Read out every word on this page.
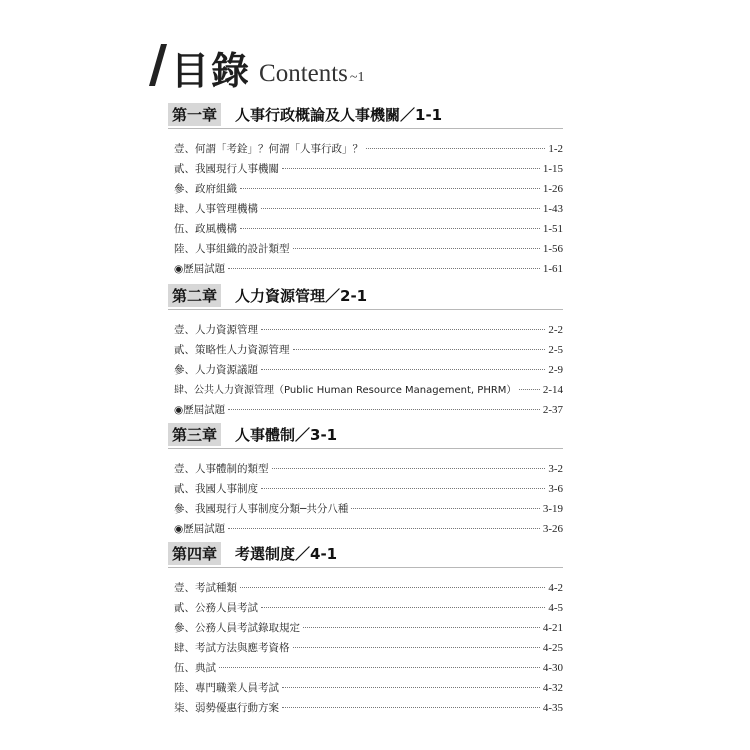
目錄 Contents ~1
第一章 人事行政概論及人事機關／1-1
壹、何謂「考銓」？何謂「人事行政」？	1-2
貳、我國現行人事機關	1-15
參、政府組織	1-26
肆、人事管理機構	1-43
伍、政風機構	1-51
陸、人事組織的設計類型	1-56
◉歷屆試題	1-61
第二章 人力資源管理／2-1
壹、人力資源管理	2-2
貳、策略性人力資源管理	2-5
參、人力資源議題	2-9
肆、公共人力資源管理（Public Human Resource Management, PHRM） 2-14
◉歷屆試題	2-37
第三章 人事體制／3-1
壹、人事體制的類型	3-2
貳、我國人事制度	3-6
參、我國現行人事制度分類─共分八種	3-19
◉歷屆試題	3-26
第四章 考選制度／4-1
壹、考試種類	4-2
貳、公務人員考試	4-5
參、公務人員考試錄取規定	4-21
肆、考試方法與應考資格	4-25
伍、典試	4-30
陸、專門職業人員考試	4-32
柒、弱勢優惠行動方案	4-35
